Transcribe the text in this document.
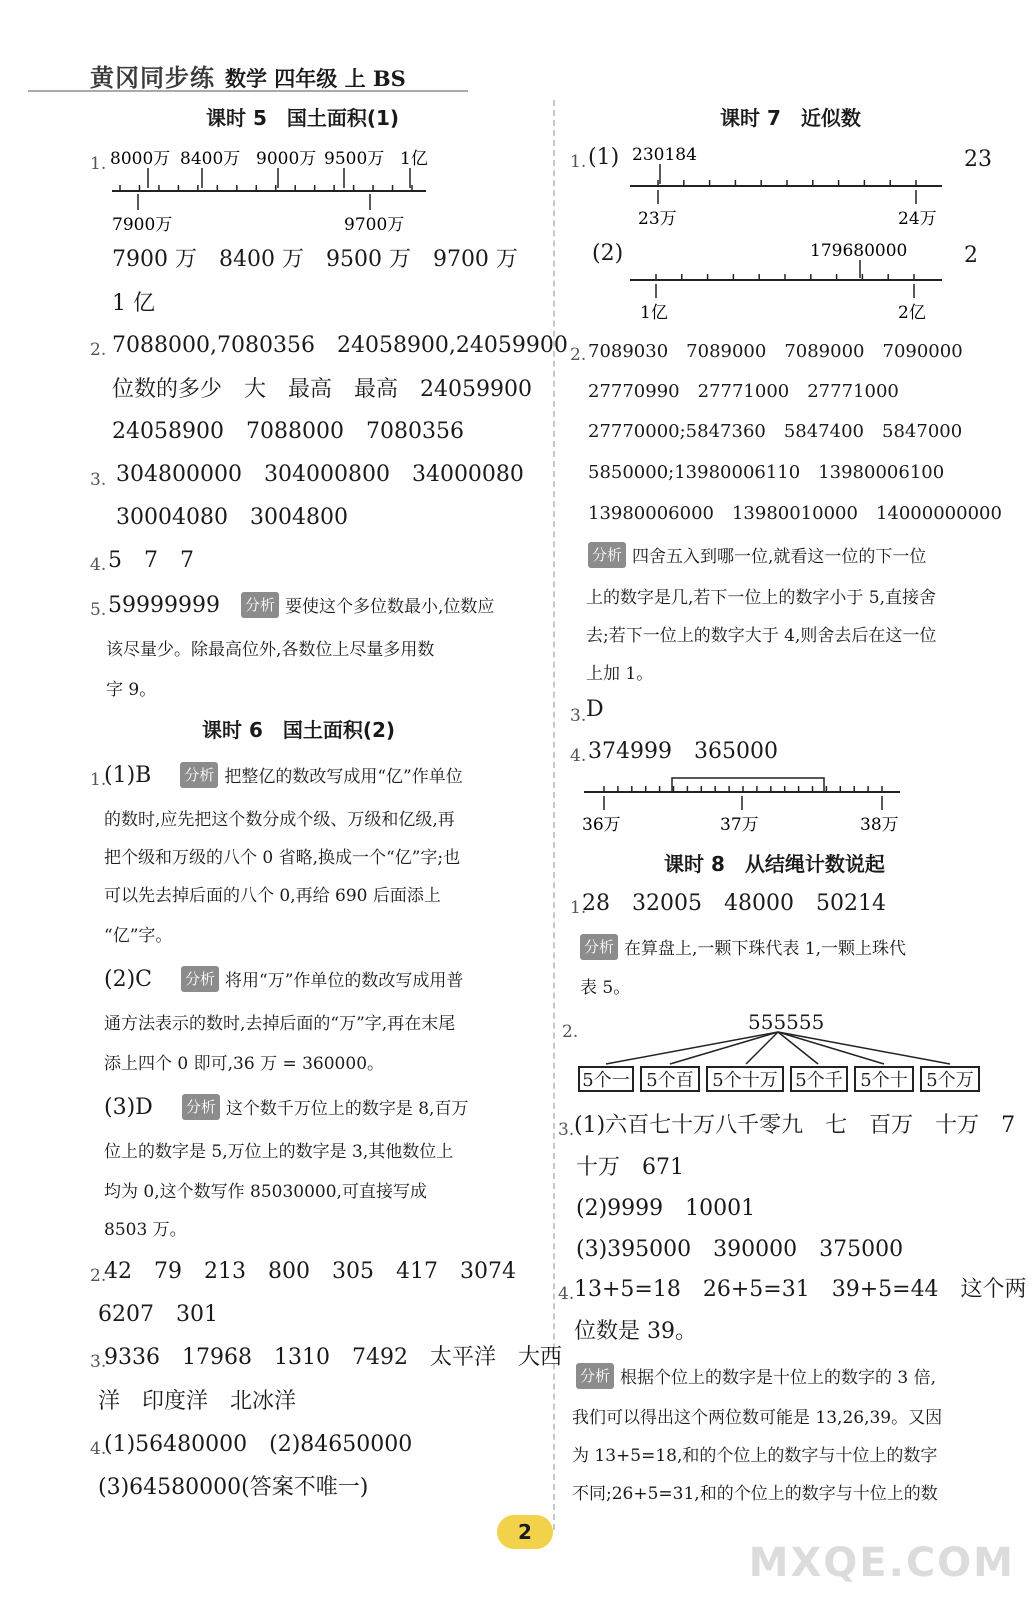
黄冈同步练 数学 四年级 上 BS
课时 5　国土面积(1)
1. 8000万 8400万 9000万 9500万 1亿
7900万	9700万
7900 万　8400 万　9500 万　9700 万
1 亿
2. 7088000,7080356　24058900,24059900
位数的多少　大　最高　最高　24059900
24058900　7088000　7080356
3. 304800000　304000800　34000080
30004080　3004800
4. 5　7　7
5. 59999999 分析 要使这个多位数最小,位数应
该尽量少。除最高位外,各数位上尽量多用数
字 9。
课时 6　国土面积(2)
1.
(1)B 分析 把整亿的数改写成用“亿”作单位
的数时,应先把这个数分成个级、万级和亿级,再
把个级和万级的八个 0 省略,换成一个“亿”字;也
可以先去掉后面的八个 0,再给 690 后面添上
“亿”字。
(2)C 分析 将用“万”作单位的数改写成用普
通方法表示的数时,去掉后面的“万”字,再在末尾
添上四个 0 即可,36 万 = 360000。
(3)D 分析 这个数千万位上的数字是 8,百万
位上的数字是 5,万位上的数字是 3,其他数位上
均为 0,这个数写作 85030000,可直接写成
8503 万。
2.
42　79　213　800　305　417　3074
6207　301
3.
9336　17968　1310　7492　太平洋　大西
洋　印度洋　北冰洋
4.
(1)56480000　(2)84650000
(3)64580000(答案不唯一)
课时 7　近似数
1. (1)	23
230184
23万	24万
(2)	2
179680000
1亿	2亿
2. 7089030　7089000　7089000　7090000
27770990　27771000　27771000
27770000;5847360　5847400　5847000
5850000;13980006110　13980006100
13980006000　13980010000　14000000000
分析 四舍五入到哪一位,就看这一位的下一位
上的数字是几,若下一位上的数字小于 5,直接舍
去;若下一位上的数字大于 4,则舍去后在这一位
上加 1。
3. D
4. 374999　365000
36万	37万	38万
课时 8　从结绳计数说起
1.
28　32005　48000　50214
分析 在算盘上,一颗下珠代表 1,一颗上珠代
表 5。
2.	555555
5个一 5个百	5个十万 5个千 5个十	5个万
3. (1)六百七十万八千零九　七　百万　十万　7
十万　671
(2)9999　10001
(3)395000　390000　375000
4. 13+5=18　26+5=31　39+5=44　这个两
位数是 39。
分析 根据个位上的数字是十位上的数字的 3 倍,
我们可以得出这个两位数可能是 13,26,39。又因
为 13+5=18,和的个位上的数字与十位上的数字
不同;26+5=31,和的个位上的数字与十位上的数
2
MXQE.COM
